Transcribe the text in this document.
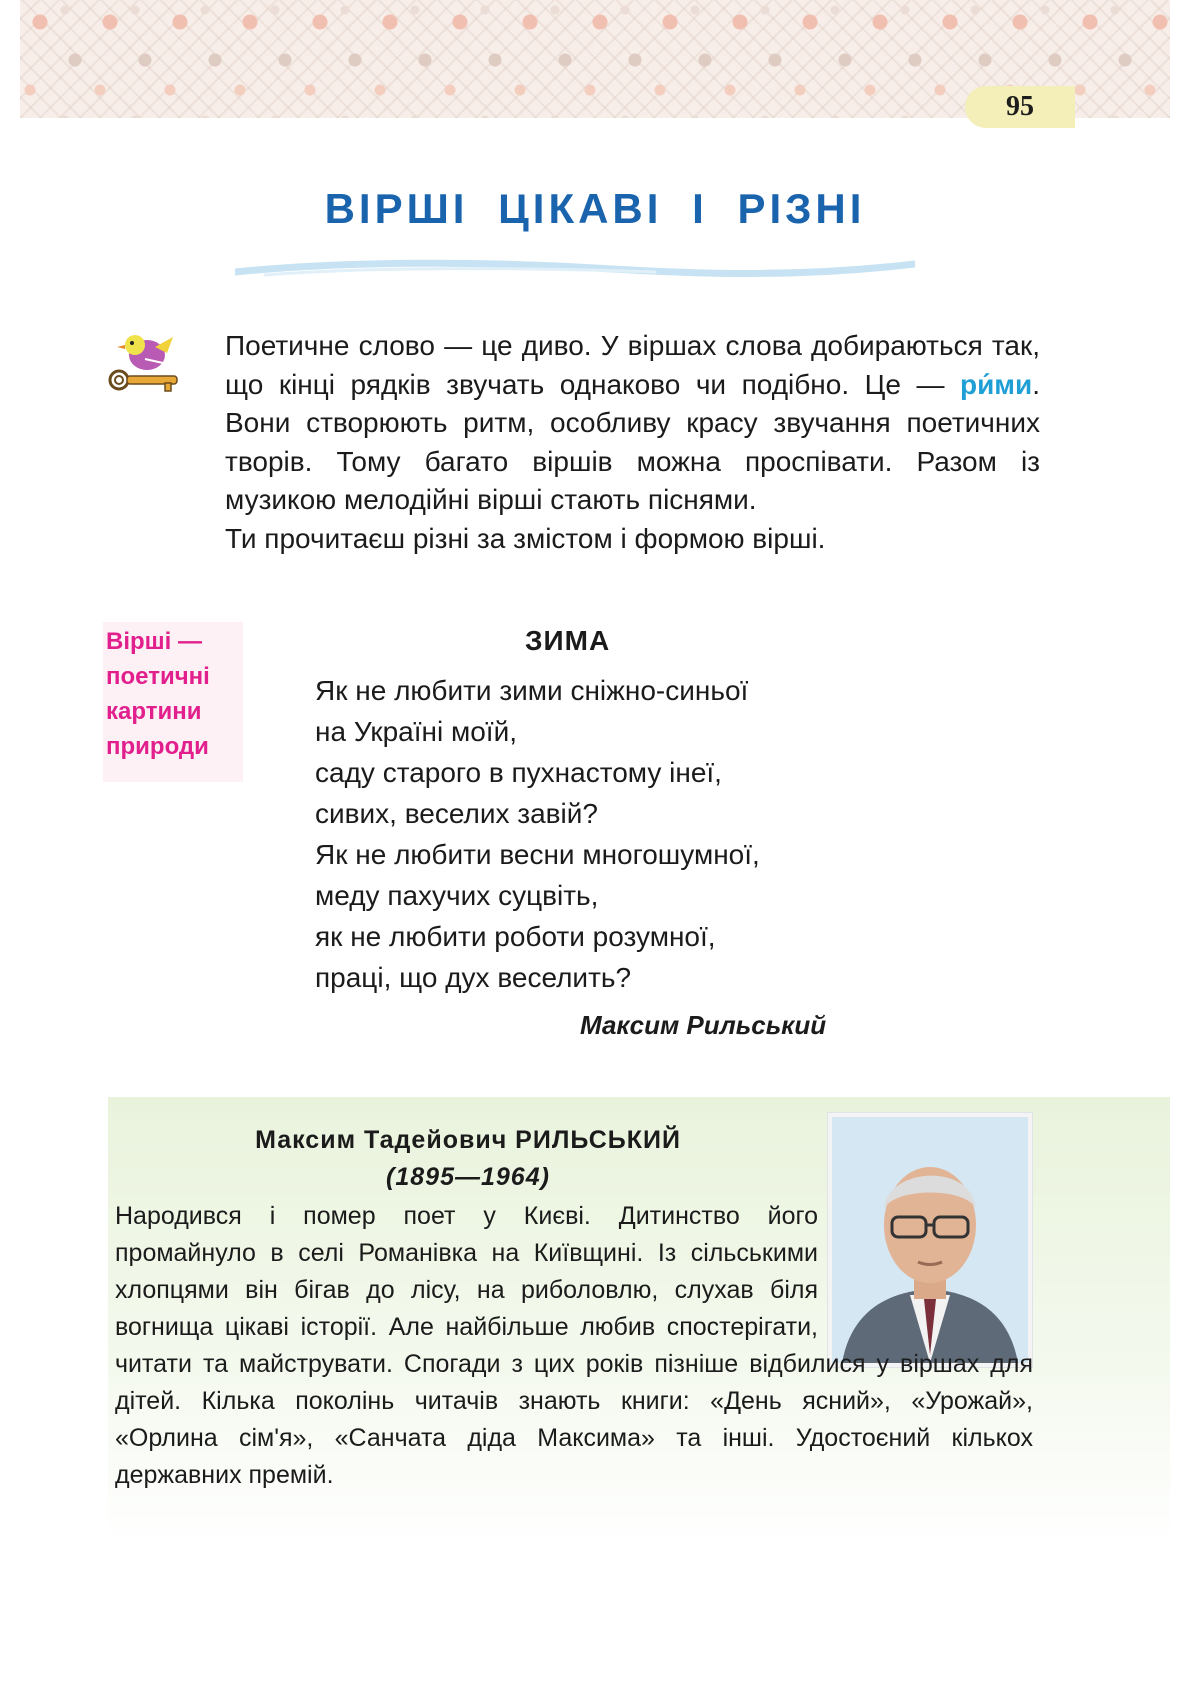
95
ВІРШІ ЦІКАВІ І РІЗНІ

Поетичне слово — це диво. У віршах слова добираються так, що кінці рядків звучать однаково чи подібно. Це — ри́ми. Вони створюють ритм, особливу красу звучання поетичних творів. Тому багато віршів можна проспівати. Разом із музикою мелодійні вірші стають піснями.

Ти прочитаєш різні за змістом і формою вірші.

Вірші — поетичні картини природи
ЗИМА
Як не любити зими сніжно-синьої
на Україні моїй,
саду старого в пухнастому інеї,
сивих, веселих завій?
Як не любити весни многошумної,
меду пахучих суцвіть,
як не любити роботи розумної,
праці, що дух веселить?
Максим Рильський
Максим Тадейович РИЛЬСЬКИЙ
(1895—1964)
Народився і помер поет у Києві. Дитинство його промайнуло в селі Романівка на Київщині. Із сільськими хлопцями він бігав до лісу, на риболовлю, слухав біля вогнища цікаві історії. Але найбільше любив спостерігати, читати та майструвати. Спогади з цих років пізніше відбилися у віршах для дітей. Кілька поколінь читачів знають книги: «День ясний», «Урожай», «Орлина сім'я», «Санчата діда Максима» та інші. Удостоєний кількох державних премій.
